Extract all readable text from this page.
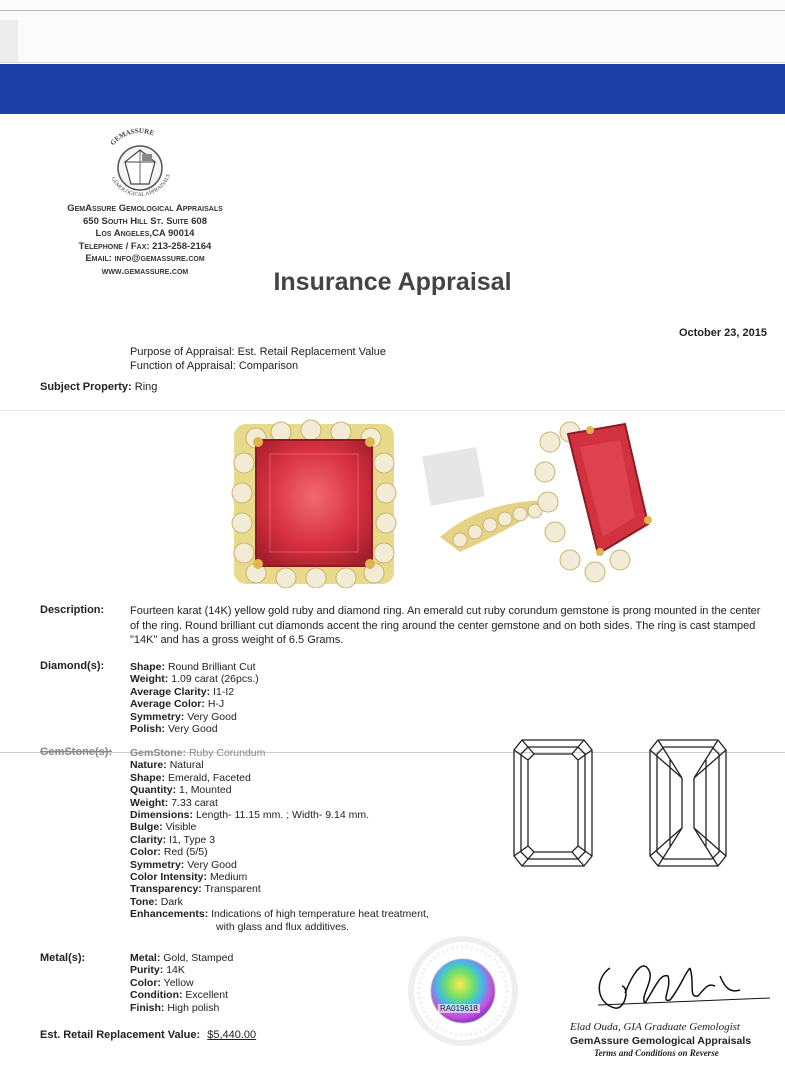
GEMASSURE
GEMOLOGICAL APPRAISALS
GemAssure Gemological Appraisals
650 South Hill St. Suite 608
Los Angeles,CA 90014
Telephone / Fax: 213-258-2164
Email: info@gemassure.com
www.gemassure.com	Insurance Appraisal
October 23, 2015
Purpose of Appraisal: Est. Retail Replacement Value
Function of Appraisal: Comparison
Subject Property: Ring
Description: Fourteen karat (14K) yellow gold ruby and diamond ring. An emerald cut ruby corundum gemstone is prong mounted in the center of the ring. Round brilliant cut diamonds accent the ring around the center gemstone and on both sides. The ring is cast stamped "14K" and has a gross weight of 6.5 Grams.
Diamond(s): Shape: Round Brilliant Cut
Weight: 1.09 carat (26pcs.)
Average Clarity: I1-I2
Average Color: H-J
Symmetry: Very Good
Polish: Very Good
GemStone(s): GemStone: Ruby Corundum
Nature: Natural
Shape: Emerald, Faceted
Quantity: 1, Mounted
Weight: 7.33 carat
Dimensions: Length- 11.15 mm. ; Width- 9.14 mm.
Bulge: Visible
Clarity: I1, Type 3
Color: Red (5/5)
Symmetry: Very Good
Color Intensity: Medium
Transparency: Transparent
Tone: Dark
Enhancements: Indications of high temperature heat treatment,
with glass and flux additives.
Metal(s):	Metal: Gold, Stamped
Purity: 14K
Color: Yellow
Condition: Excellent
Finish: High polish
Est. Retail Replacement Value: $5,440.00
RA019618
Elad Ouda, GIA Graduate Gemologist
GemAssure Gemological Appraisals
Terms and Conditions on Reverse
